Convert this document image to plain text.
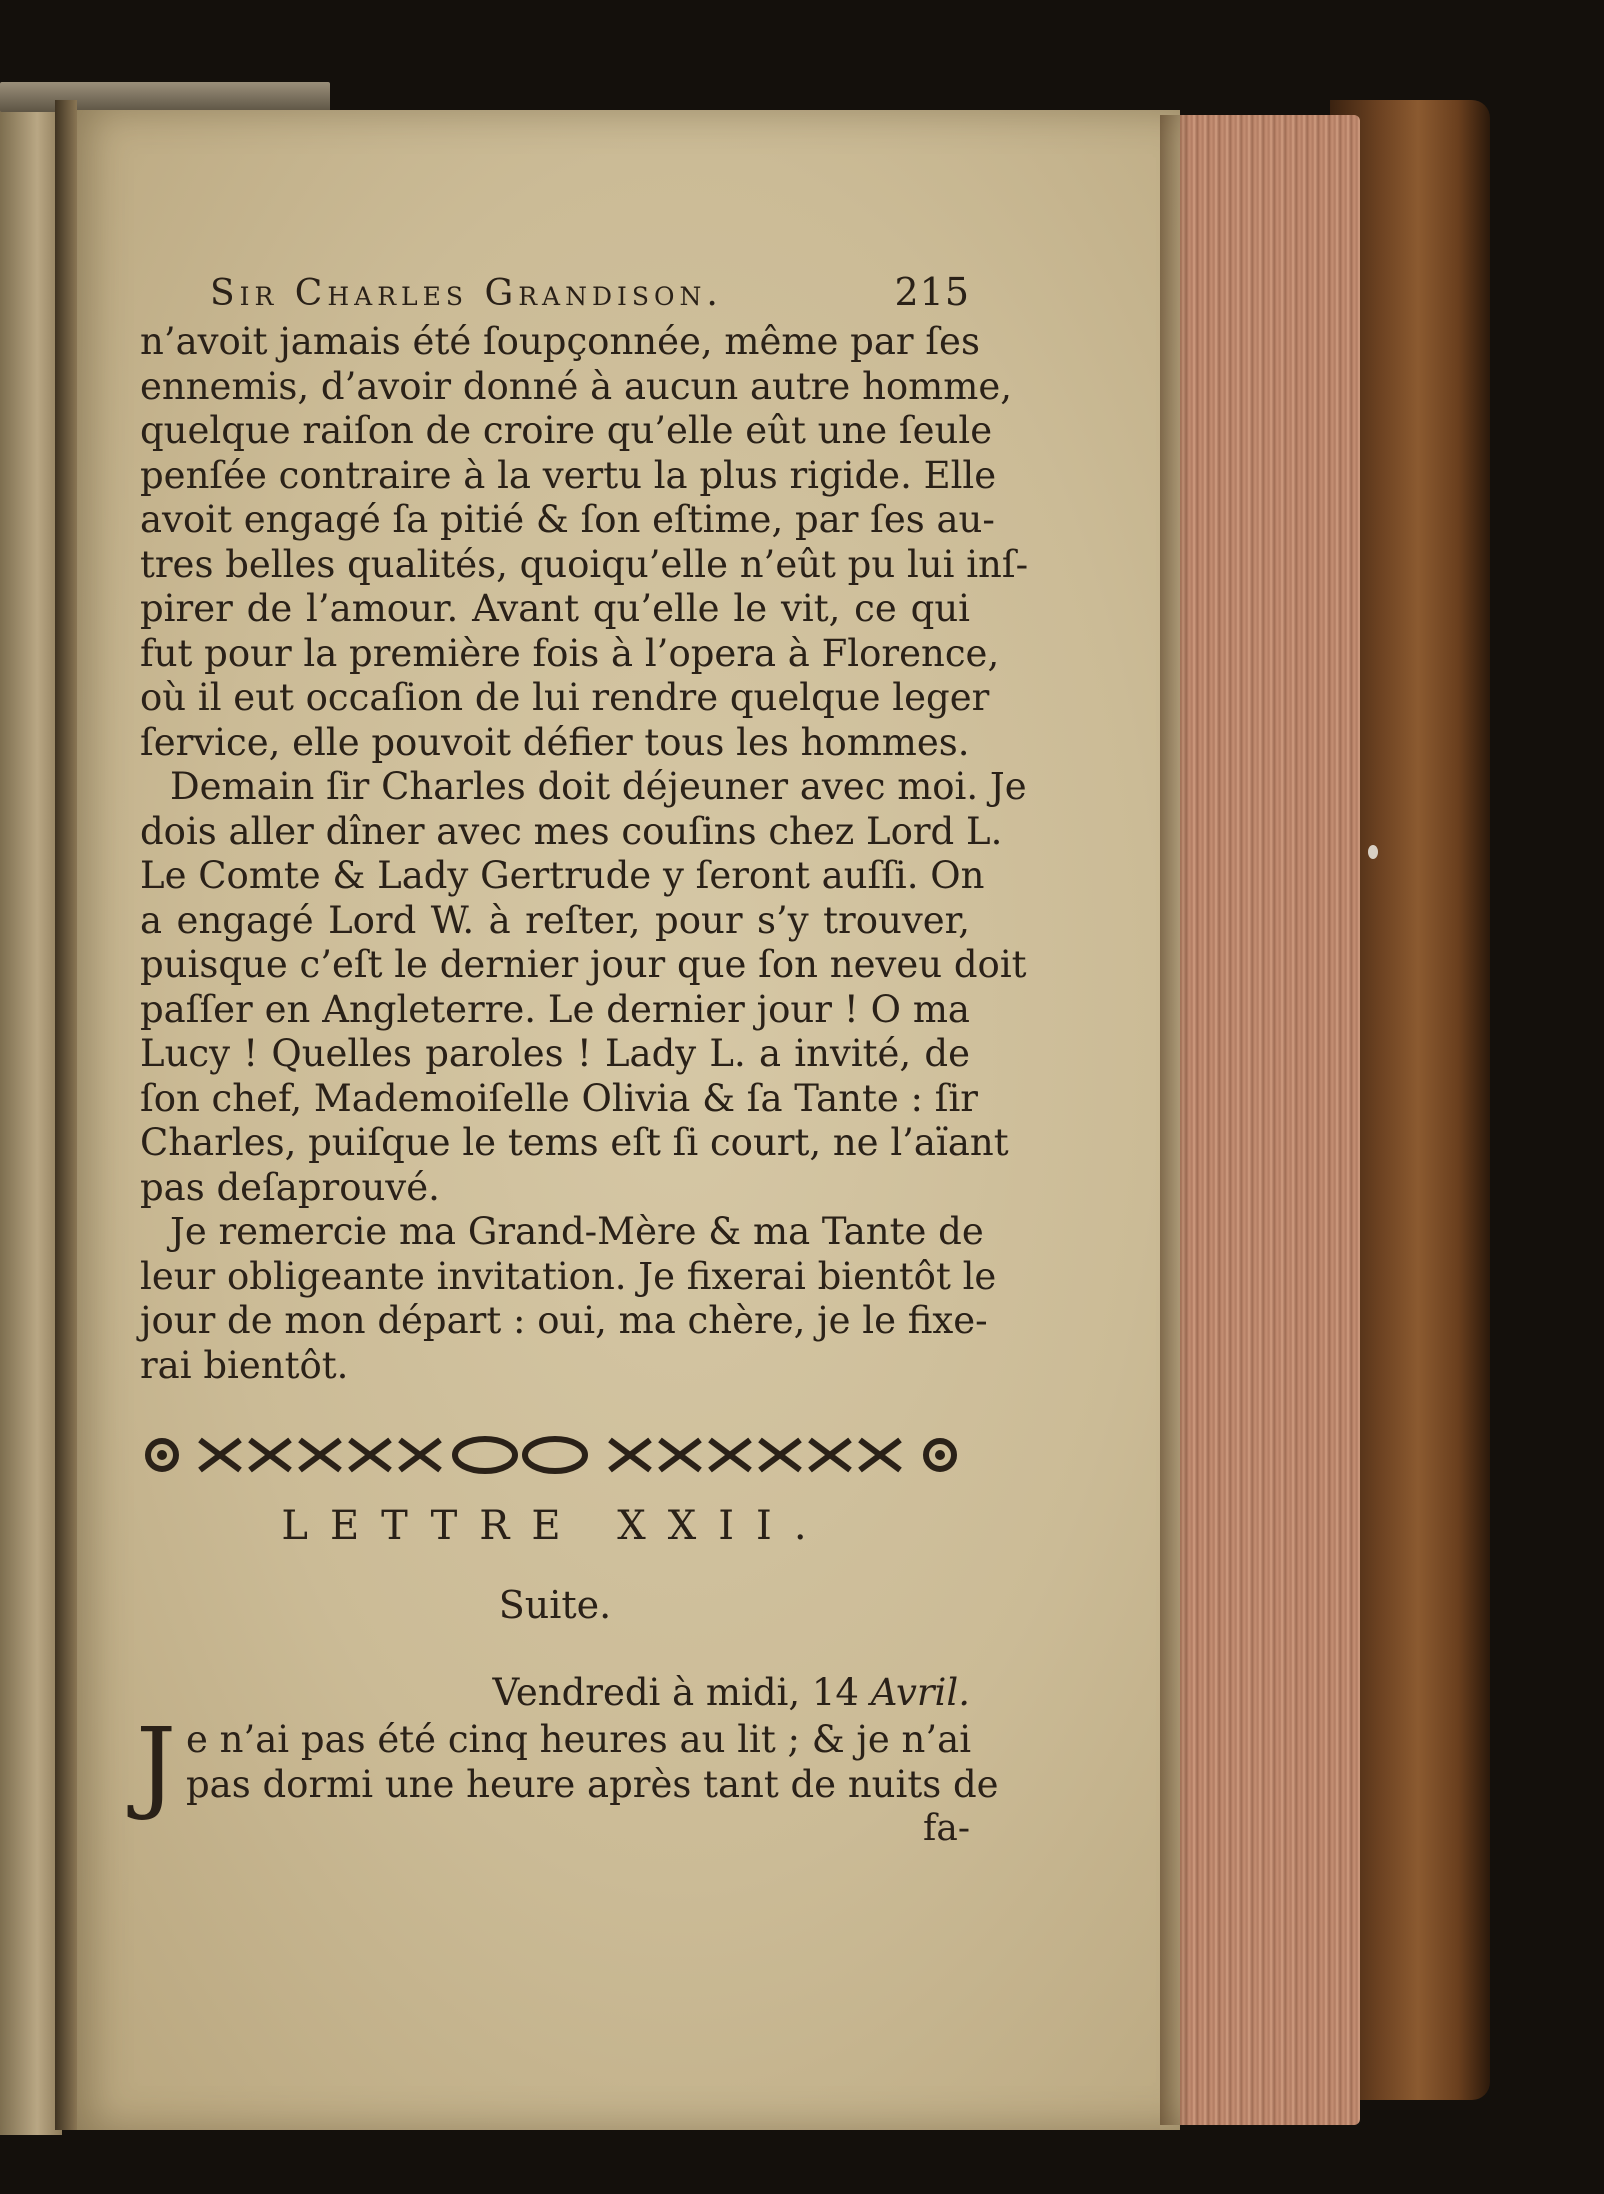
Sir Charles Grandison.	215
n’avoit jamais été ſoupçonnée, même par ſes
ennemis, d’avoir donné à aucun autre homme,
quelque raiſon de croire qu’elle eût une ſeule
penſée contraire à la vertu la plus rigide. Elle
avoit engagé ſa pitié & ſon eſtime, par ſes au-
tres belles qualités, quoiqu’elle n’eût pu lui inſ-
pirer de l’amour. Avant qu’elle le vit, ce qui
fut pour la première fois à l’opera à Florence,
où il eut occaſion de lui rendre quelque leger
ſervice, elle pouvoit défier tous les hommes.
Demain ſir Charles doit déjeuner avec moi. Je
dois aller dîner avec mes couſins chez Lord L.
Le Comte & Lady Gertrude y ſeront auſſi. On
a engagé Lord W. à reſter, pour s’y trouver,
puisque c’eſt le dernier jour que ſon neveu doit
paſſer en Angleterre. Le dernier jour ! O ma
Lucy ! Quelles paroles ! Lady L. a invité, de
ſon chef, Mademoiſelle Olivia & ſa Tante : ſir
Charles, puiſque le tems eſt ſi court, ne l’aïant
pas deſaprouvé.
Je remercie ma Grand-Mère & ma Tante de
leur obligeante invitation. Je fixerai bientôt le
jour de mon départ : oui, ma chère, je le fixe-
rai bientôt.
LETTRE XXII.
Suite.
Vendredi à midi, 14 Avril.
J e n’ai pas été cinq heures au lit ; & je n’ai
pas dormi une heure après tant de nuits de
fa-
